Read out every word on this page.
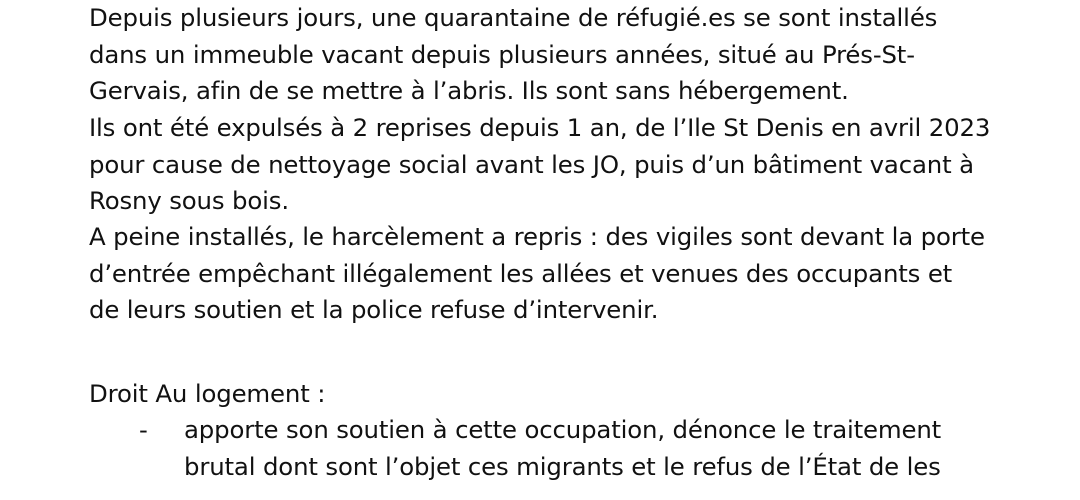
Depuis plusieurs jours, une quarantaine de réfugié.es se sont installés
dans un immeuble vacant depuis plusieurs années, situé au Prés-St-
Gervais, afin de se mettre à l’abris. Ils sont sans hébergement.
Ils ont été expulsés à 2 reprises depuis 1 an, de l’Ile St Denis en avril 2023
pour cause de nettoyage social avant les JO, puis d’un bâtiment vacant à
Rosny sous bois.
A peine installés, le harcèlement a repris : des vigiles sont devant la porte
d’entrée empêchant illégalement les allées et venues des occupants et
de leurs soutien et la police refuse d’intervenir.
Droit Au logement :
- apporte son soutien à cette occupation, dénonce le traitement
brutal dont sont l’objet ces migrants et le refus de l’État de les
